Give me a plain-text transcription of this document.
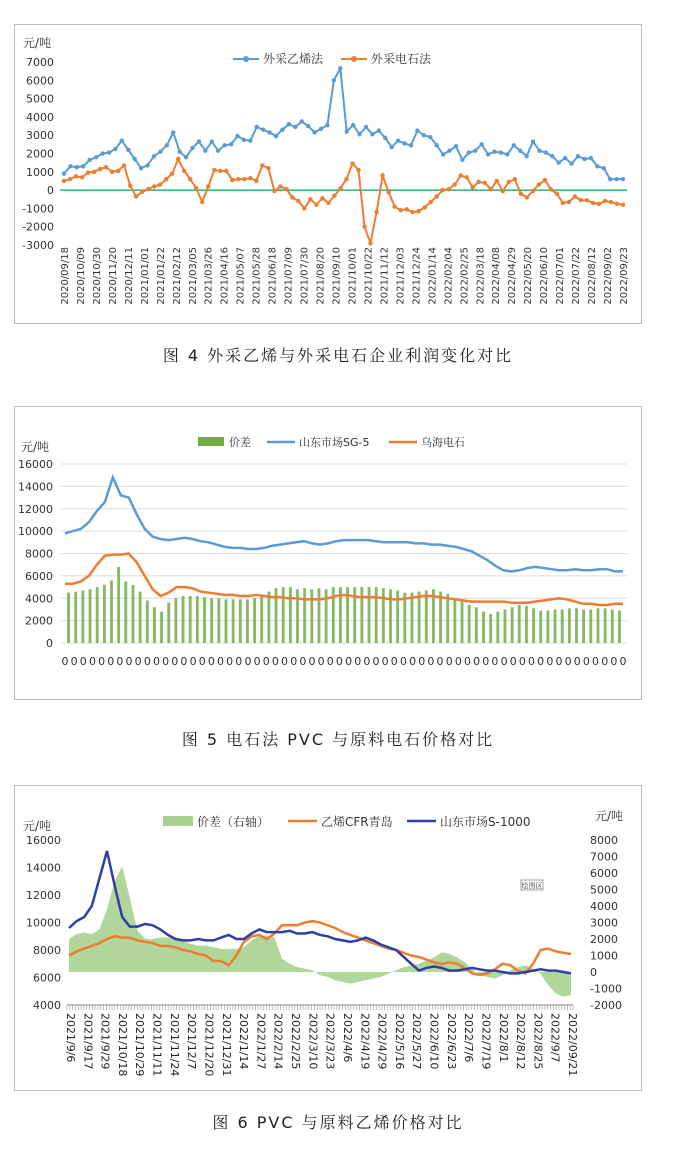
元/吨
-3000
-2000
-1000
0
1000
2000
3000
4000
5000
6000
7000
2020/09/18 2020/10/09 2020/10/30 2020/11/20 2020/12/11 2021/01/01 2021/01/22 2021/02/12 2021/03/05 2021/03/26 2021/04/16 2021/05/07 2021/05/28 2021/06/18 2021/07/09 2021/07/30 2021/08/20 2021/09/10 2021/10/01 2021/10/22 2021/11/12 2021/12/03 2021/12/24 2022/01/14 2022/02/04 2022/02/25 2022/03/18 2022/04/08 2022/04/29 2022/05/20 2022/06/10 2022/07/01 2022/07/22 2022/08/12 2022/09/02 2022/09/23
外采乙烯法	外采电石法
图 4 外采乙烯与外采电石企业利润变化对比
元/吨
0
2000
4000
6000
8000
10000
12000
14000
16000
0 0 0 0 0 0 0 0 0 0 0 0 0 0 0 0 0 0 0 0 0 0 0 0 0 0 0 0 0 0 0 0 0 0 0 0 0 0 0 0 0 0 0 0 0 0 0 0 0 0 0 0 0 0 0 0 0 0 0 0 0 0
价差	山东市场SG-5	乌海电石
图 5 电石法 PVC 与原料电石价格对比
元/吨
元/吨
4000
6000
8000
10000
12000
14000
16000
-2000
-1000
0
1000
2000
3000
4000
5000
6000
7000
8000
2021/9/6 2021/9/17 2021/9/29 2021/10/18 2021/10/29 2021/11/11 2021/11/24 2021/12/7 2021/12/20 2021/12/31 2022/1/14 2022/1/27 2022/2/14 2022/2/25 2022/3/10 2022/3/23 2022/4/6 2022/4/19 2022/4/29 2022/5/16 2022/5/27 2022/6/10 2022/6/23 2022/7/6 2022/7/19 2022/8/1 2022/8/12 2022/8/25 2022/9/7 2022/09/21
价差（右轴）	乙烯CFR青岛	山东市场S-1000
绘图区
图 6 PVC 与原料乙烯价格对比
